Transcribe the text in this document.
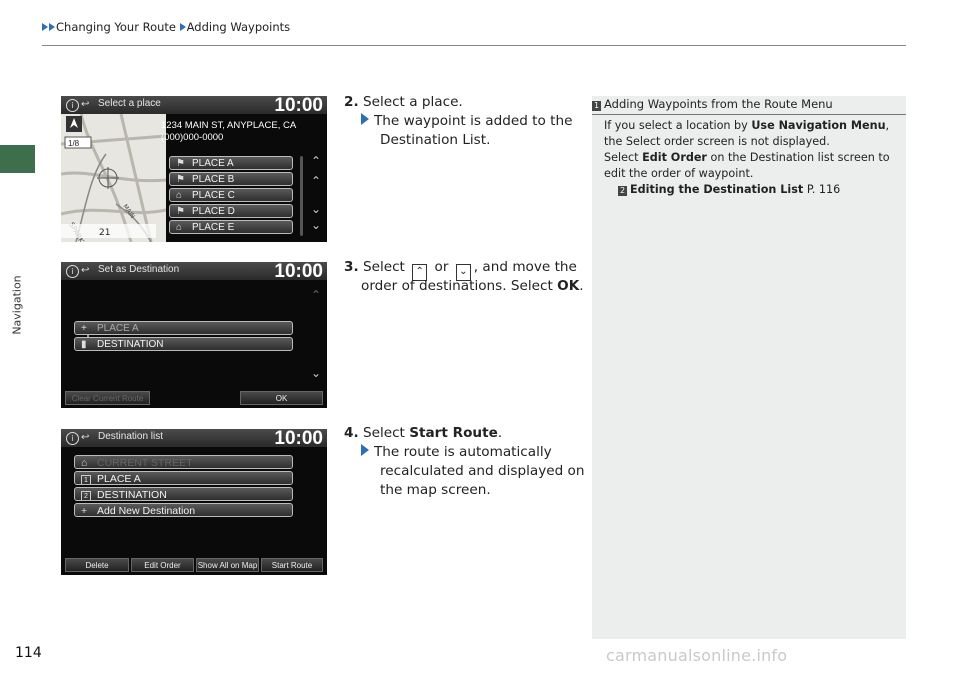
Changing Your Route Adding Waypoints
Navigation
1/8
MAIN
21
i ↩ Select a place	10:00
1234 MAIN ST, ANYPLACE, CA
(000)000-0000
⚑ PLACE A
⚑ PLACE B
⌂ PLACE C
⚑ PLACE D
⌂ PLACE E
⌃
⌃
⌄
⌄
i ↩ Set as Destination	10:00
⌃
+ PLACE A
▮ DESTINATION
⌄
Clear Current Route	OK
i ↩ Destination list	10:00
⌂ CURRENT STREET
1 PLACE A
2 DESTINATION
+ Add New Destination
Delete	Edit Order	Show All on Map	Start Route
2. Select a place.
The waypoint is added to the
Destination List.
3. Select ⌃ or ⌄ , and move the
order of destinations. Select OK.
4. Select Start Route.
The route is automatically
recalculated and displayed on
the map screen.
1 Adding Waypoints from the Route Menu
If you select a location by Use Navigation Menu,
the Select order screen is not displayed.
Select Edit Order on the Destination list screen to
edit the order of waypoint.
2 Editing the Destination List P. 116
114	carmanualsonline.info
